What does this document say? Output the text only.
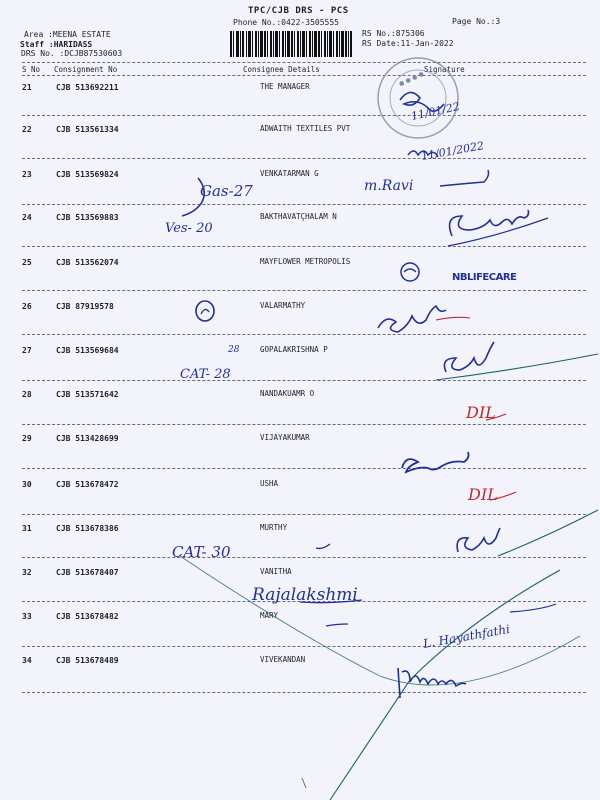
TPC/CJB DRS - PCS
Phone No.:0422-3505555	Page No.:3
Area :MEENA ESTATE
Staff :HARIDASS
DRS No. :DCJB87530603
RS No.:875306
RS Date:11-Jan-2022
S No Consignment No	Consignee Details	Signature
21	CJB 513692211	THE MANAGER
22	CJB 513561334	ADWAITH TEXTILES PVT
23	CJB 513569824	VENKATARMAN G
24	CJB 513569883	BAKTHAVATÇHALAM N
25	CJB 513562074	MAYFLOWER METROPOLIS
26	CJB 87919578	VALARMATHY
27	CJB 513569684	GOPALAKRISHNA P
28	CJB 513571642	NANDAKUAMR O
29	CJB 513428699	VIJAYAKUMAR
30	CJB 513678472	USHA
31	CJB 513678386	MURTHY
32	CJB 513678407	VANITHA
33	CJB 513678482	MARY
34	CJB 513678489	VIVEKANDAN
● ● ● ●
11/01/22
11/01/2022
Gas-27	m.Ravi
Ves- 20
NBLIFECARE
CAT- 28
28
DIL
DIL
CAT- 30
Rajalakshmi
L. Hayathfathi
